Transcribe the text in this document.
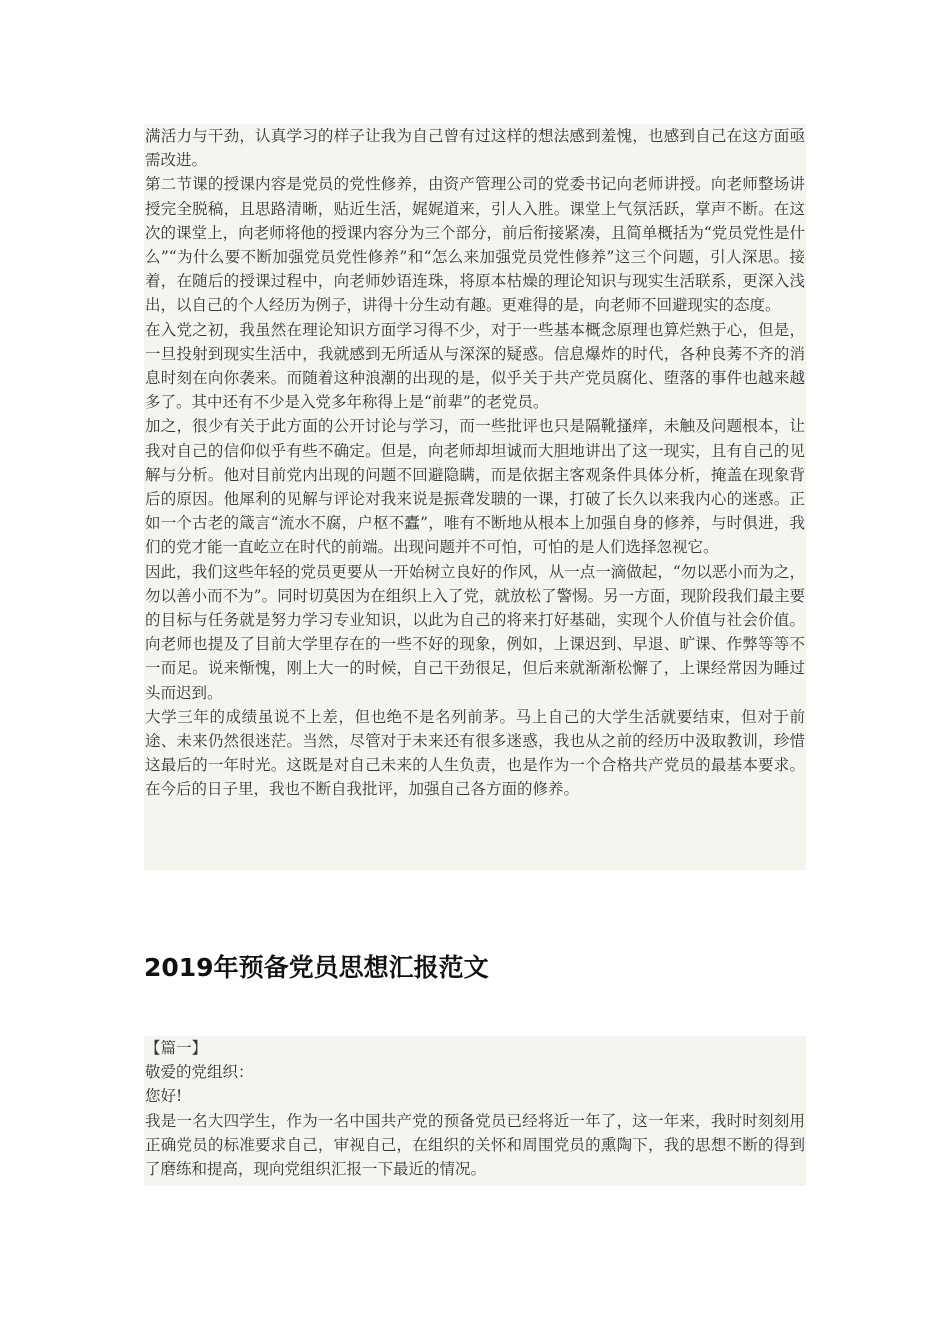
满活力与干劲，认真学习的样子让我为自己曾有过这样的想法感到羞愧，也感到自己在这方面亟需改进。

第二节课的授课内容是党员的党性修养，由资产管理公司的党委书记向老师讲授。向老师整场讲授完全脱稿，且思路清晰，贴近生活，娓娓道来，引人入胜。课堂上气氛活跃，掌声不断。在这次的课堂上，向老师将他的授课内容分为三个部分，前后衔接紧凑，且简单概括为“党员党性是什么”“为什么要不断加强党员党性修养”和“怎么来加强党员党性修养”这三个问题，引人深思。接着，在随后的授课过程中，向老师妙语连珠，将原本枯燥的理论知识与现实生活联系，更深入浅出，以自己的个人经历为例子，讲得十分生动有趣。更难得的是，向老师不回避现实的态度。

在入党之初，我虽然在理论知识方面学习得不少，对于一些基本概念原理也算烂熟于心，但是，一旦投射到现实生活中，我就感到无所适从与深深的疑惑。信息爆炸的时代，各种良莠不齐的消息时刻在向你袭来。而随着这种浪潮的出现的是，似乎关于共产党员腐化、堕落的事件也越来越多了。其中还有不少是入党多年称得上是“前辈”的老党员。

加之，很少有关于此方面的公开讨论与学习，而一些批评也只是隔靴搔痒，未触及问题根本，让我对自己的信仰似乎有些不确定。但是，向老师却坦诚而大胆地讲出了这一现实，且有自己的见解与分析。他对目前党内出现的问题不回避隐瞒，而是依据主客观条件具体分析，掩盖在现象背后的原因。他犀利的见解与评论对我来说是振聋发聩的一课，打破了长久以来我内心的迷惑。正如一个古老的箴言“流水不腐，户枢不蠹”，唯有不断地从根本上加强自身的修养，与时俱进，我们的党才能一直屹立在时代的前端。出现问题并不可怕，可怕的是人们选择忽视它。

因此，我们这些年轻的党员更要从一开始树立良好的作风，从一点一滴做起，“勿以恶小而为之，勿以善小而不为”。同时切莫因为在组织上入了党，就放松了警惕。另一方面，现阶段我们最主要的目标与任务就是努力学习专业知识，以此为自己的将来打好基础，实现个人价值与社会价值。向老师也提及了目前大学里存在的一些不好的现象，例如，上课迟到、早退、旷课、作弊等等不一而足。说来惭愧，刚上大一的时候，自己干劲很足，但后来就渐渐松懈了，上课经常因为睡过头而迟到。

大学三年的成绩虽说不上差，但也绝不是名列前茅。马上自己的大学生活就要结束，但对于前途、未来仍然很迷茫。当然，尽管对于未来还有很多迷惑，我也从之前的经历中汲取教训，珍惜这最后的一年时光。这既是对自己未来的人生负责，也是作为一个合格共产党员的最基本要求。在今后的日子里，我也不断自我批评，加强自己各方面的修养。

2019年预备党员思想汇报范文

【篇一】

敬爱的党组织：

您好!

我是一名大四学生，作为一名中国共产党的预备党员已经将近一年了，这一年来，我时时刻刻用正确党员的标准要求自己，审视自己，在组织的关怀和周围党员的熏陶下，我的思想不断的得到了磨练和提高，现向党组织汇报一下最近的情况。
